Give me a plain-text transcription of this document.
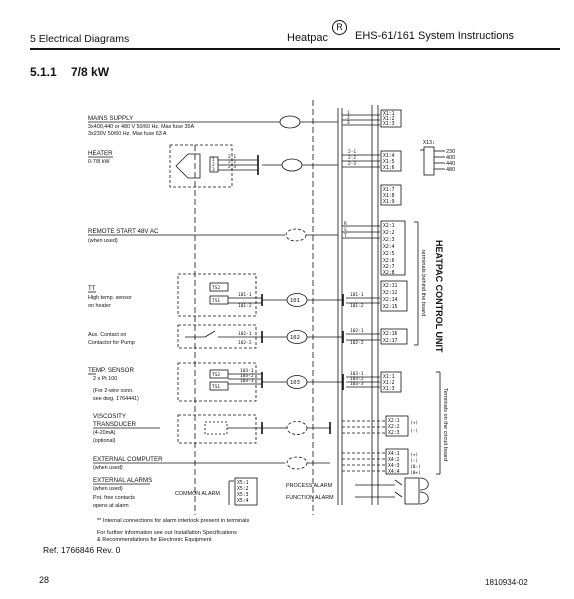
5 Electrical Diagrams	Heatpac
R
EHS-61/161 System Instructions
5.1.1 7/8 kW
MAINS SUPPLY
3x400,440 or 480 V 50/60 Hz. Max fuse 35A
3x230V 50/60 Hz. Max fuse 63 A
1
2
3
X1:1
X1:2
X1:3
X13:
230
400
440
480
HEATER
0-7/8 kW	1
2
3
2-1
2-2
2-3
2-1
2-2
2-3
X1:4
X1:5
X1:6
X1:7
X1:8
X1:9
REMOTE START 48V AC
(when used)
R
S
T
X2:1
X2:2
X2:3
X2:4
X2:5
X2:6
X2:7
X2:8
TT
High temp. sensor
on heater
TS2
TS1
101-1
101-2
101
101-1
101-2
X2:11
X2:12
X2:14
X2:15
Aux. Contact on
Contactor for Pump
102-1
102-2
102
102-1
102-2
X2:16
X2:17
TEMP. SENSOR
2 x Pt 100
(For 2-wire conn.
see dwg. 1764441)
TS2
TS1
103-1
103-2
103-3	103
103-1
103-2
103-3
X1:1
X1:2
X1:3
VISCOSITY
TRANSDUCER
(4-20mA)
(optional)
X2:1
X2:2
X2:3
(+)
(-)
EXTERNAL COMPUTER
(when used)
X4:1
X4:2
X4:3
X4:4
(+)
(-)
(0-)
(0+)
EXTERNAL ALARMS
(when used)
Pot. free contacts
opens at alarm
COMMON ALARM
X5:1
X5:2
X5:3
X5:4
PROCESS ALARM
FUNCTION ALARM
HEATPAC CONTROL UNIT
terminals behind the board
Terminals on the circuit board
** Internal connections for alarm interlock present in terminals
For further information see our Installation Specifications
& Recommendations for Electronic Equipment
Ref. 1766846 Rev. 0
28	1810934-02
